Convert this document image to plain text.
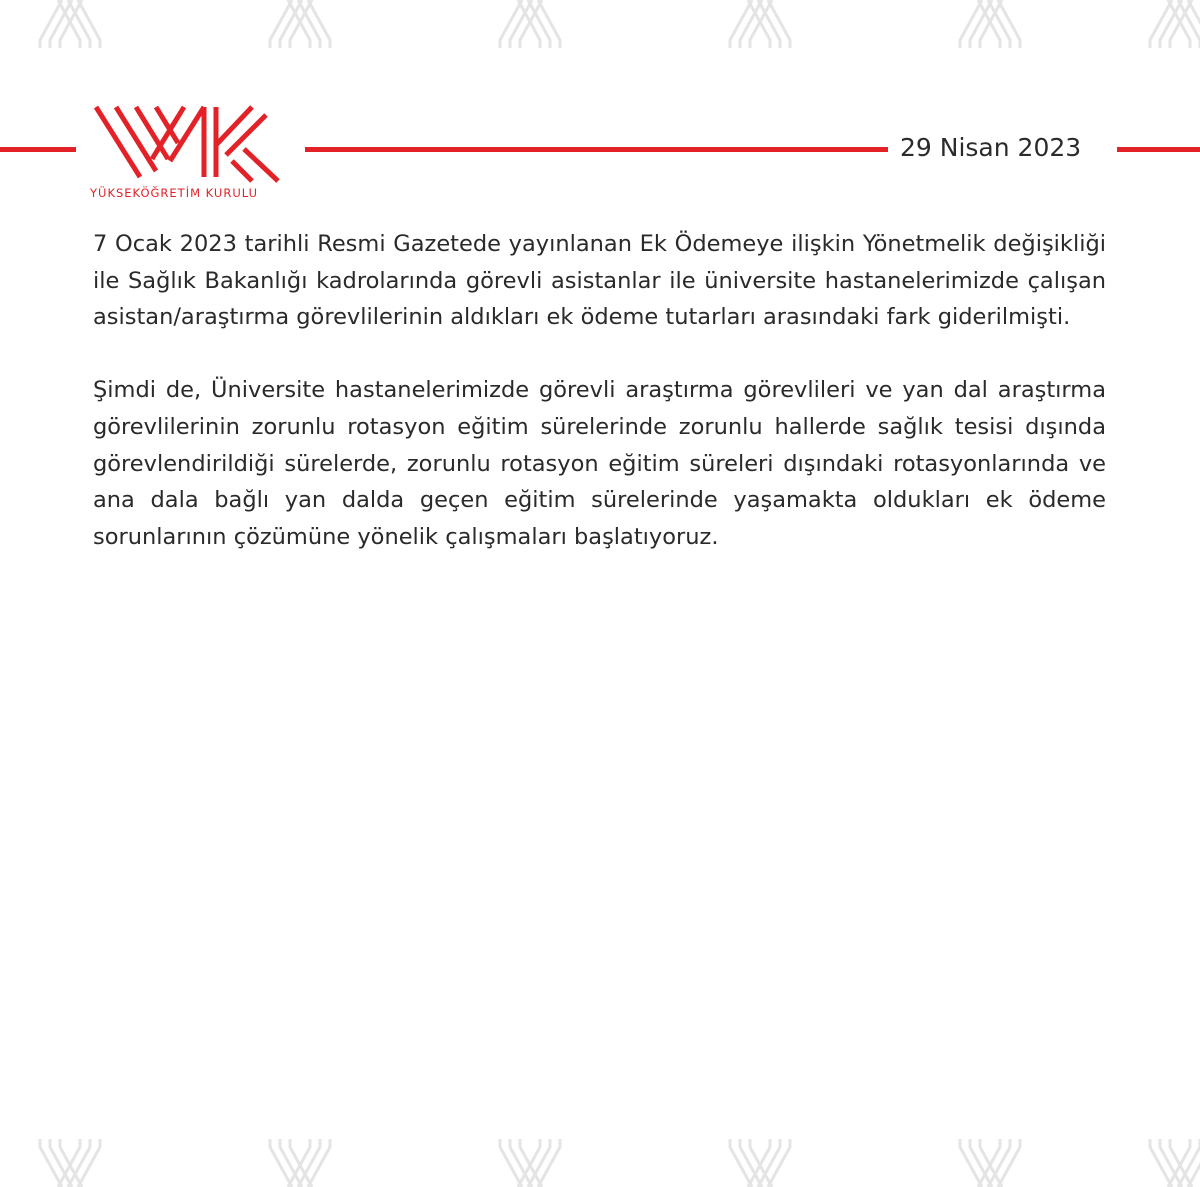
YÜKSEKÖĞRETİM KURULU
29 Nisan 2023

7 Ocak 2023 tarihli Resmi Gazetede yayınlanan Ek Ödemeye ilişkin Yönetmelik değişikliği ile Sağlık Bakanlığı kadrolarında görevli asistanlar ile üniversite hastanelerimizde çalışan asistan/araştırma görevlilerinin aldıkları ek ödeme tutarları arasındaki fark giderilmişti.

Şimdi de, Üniversite hastanelerimizde görevli araştırma görevlileri ve yan dal araştırma görevlilerinin zorunlu rotasyon eğitim sürelerinde zorunlu hallerde sağlık tesisi dışında görevlendirildiği sürelerde, zorunlu rotasyon eğitim süreleri dışındaki rotasyonlarında ve ana dala bağlı yan dalda geçen eğitim sürelerinde yaşamakta oldukları ek ödeme sorunlarının çözümüne yönelik çalışmaları başlatıyoruz.
